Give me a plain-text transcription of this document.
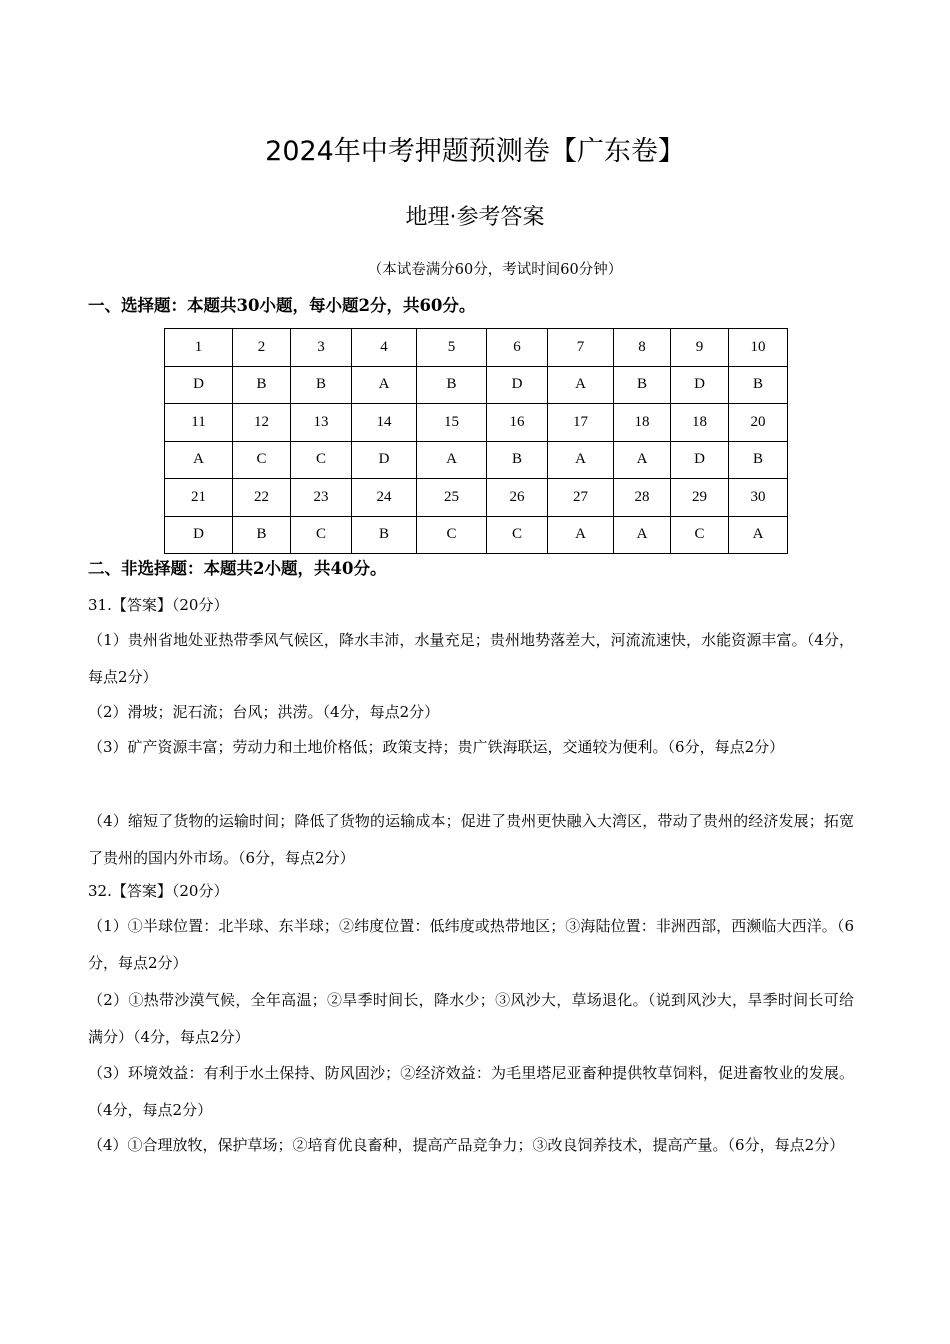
2024年中考押题预测卷【广东卷】
地理·参考答案
（本试卷满分60分，考试时间60分钟）
一、选择题：本题共30小题，每小题2分，共60分。
1	2	3	4	5	6	7	8	9	10
D	B	B	A	B	D	A	B	D	B
11	12	13	14	15	16	17	18	18	20
A	C	C	D	A	B	A	A	D	B
21	22	23	24	25	26	27	28	29	30
D	B	C	B	C	C	A	A	C	A
二、非选择题：本题共2小题，共40分。
31.【答案】（20分）
（1）贵州省地处亚热带季风气候区，降水丰沛，水量充足；贵州地势落差大，河流流速快，水能资源丰富。（4分，每点2分）
（2）滑坡；泥石流；台风；洪涝。（4分，每点2分）
（3）矿产资源丰富；劳动力和土地价格低；政策支持；贵广铁海联运，交通较为便利。（6分，每点2分）
（4）缩短了货物的运输时间；降低了货物的运输成本；促进了贵州更快融入大湾区，带动了贵州的经济发展；拓宽了贵州的国内外市场。（6分，每点2分）
32.【答案】（20分）
（1）①半球位置：北半球、东半球；②纬度位置：低纬度或热带地区；③海陆位置：非洲西部，西濒临大西洋。（6分，每点2分）
（2）①热带沙漠气候，全年高温；②旱季时间长，降水少；③风沙大，草场退化。（说到风沙大，旱季时间长可给满分）（4分，每点2分）
（3）环境效益：有利于水土保持、防风固沙；②经济效益：为毛里塔尼亚畜种提供牧草饲料，促进畜牧业的发展。（4分，每点2分）
（4）①合理放牧，保护草场；②培育优良畜种，提高产品竞争力；③改良饲养技术，提高产量。（6分，每点2分）
